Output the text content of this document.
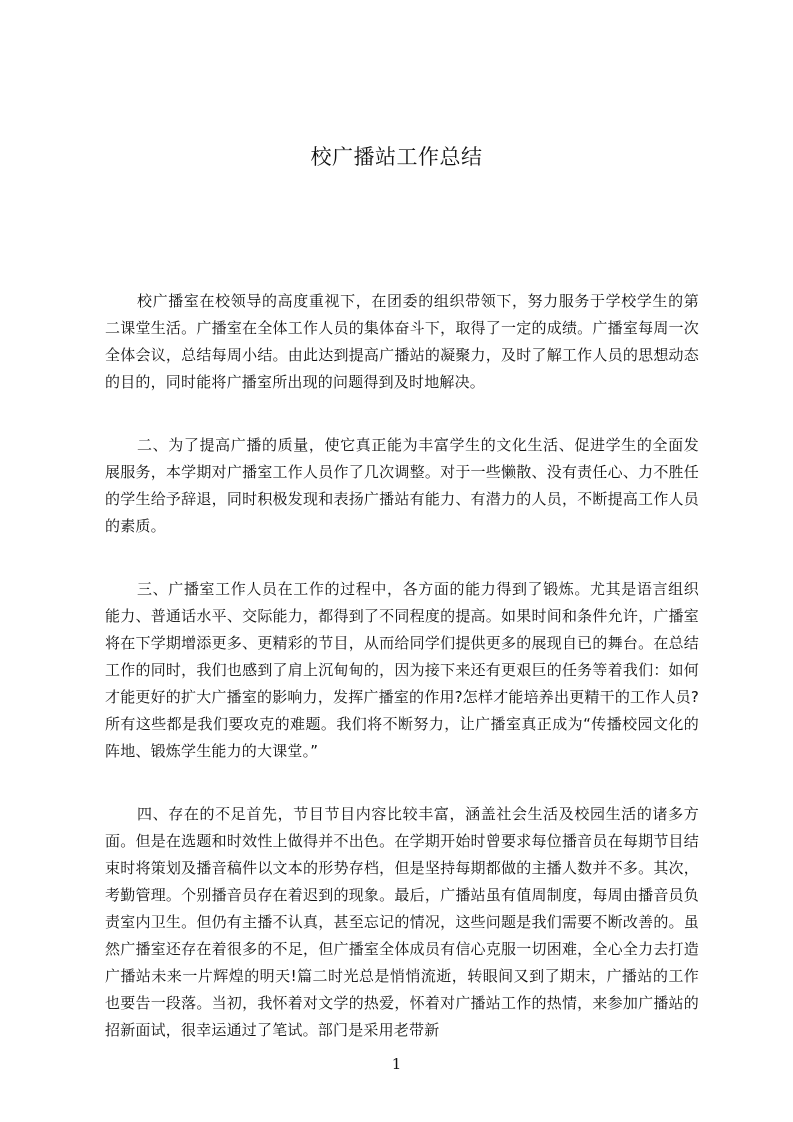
校广播站工作总结

校广播室在校领导的高度重视下，在团委的组织带领下，努力服务于学校学生的第二课堂生活。广播室在全体工作人员的集体奋斗下，取得了一定的成绩。广播室每周一次全体会议，总结每周小结。由此达到提高广播站的凝聚力，及时了解工作人员的思想动态的目的，同时能将广播室所出现的问题得到及时地解决。

二、为了提高广播的质量，使它真正能为丰富学生的文化生活、促进学生的全面发展服务，本学期对广播室工作人员作了几次调整。对于一些懒散、没有责任心、力不胜任的学生给予辞退，同时积极发现和表扬广播站有能力、有潜力的人员，不断提高工作人员的素质。

三、广播室工作人员在工作的过程中，各方面的能力得到了锻炼。尤其是语言组织能力、普通话水平、交际能力，都得到了不同程度的提高。如果时间和条件允许，广播室将在下学期增添更多、更精彩的节目，从而给同学们提供更多的展现自已的舞台。在总结工作的同时，我们也感到了肩上沉甸甸的，因为接下来还有更艰巨的任务等着我们：如何才能更好的扩大广播室的影响力，发挥广播室的作用?怎样才能培养出更精干的工作人员?所有这些都是我们要攻克的难题。我们将不断努力，让广播室真正成为“传播校园文化的阵地、锻炼学生能力的大课堂。”

四、存在的不足首先，节目节目内容比较丰富，涵盖社会生活及校园生活的诸多方面。但是在选题和时效性上做得并不出色。在学期开始时曾要求每位播音员在每期节目结束时将策划及播音稿件以文本的形势存档，但是坚持每期都做的主播人数并不多。其次，考勤管理。个别播音员存在着迟到的现象。最后，广播站虽有值周制度，每周由播音员负责室内卫生。但仍有主播不认真，甚至忘记的情况，这些问题是我们需要不断改善的。虽然广播室还存在着很多的不足，但广播室全体成员有信心克服一切困难，全心全力去打造广播站未来一片辉煌的明天!篇二时光总是悄悄流逝，转眼间又到了期末，广播站的工作也要告一段落。当初，我怀着对文学的热爱，怀着对广播站工作的热情，来参加广播站的招新面试，很幸运通过了笔试。部门是采用老带新

1
